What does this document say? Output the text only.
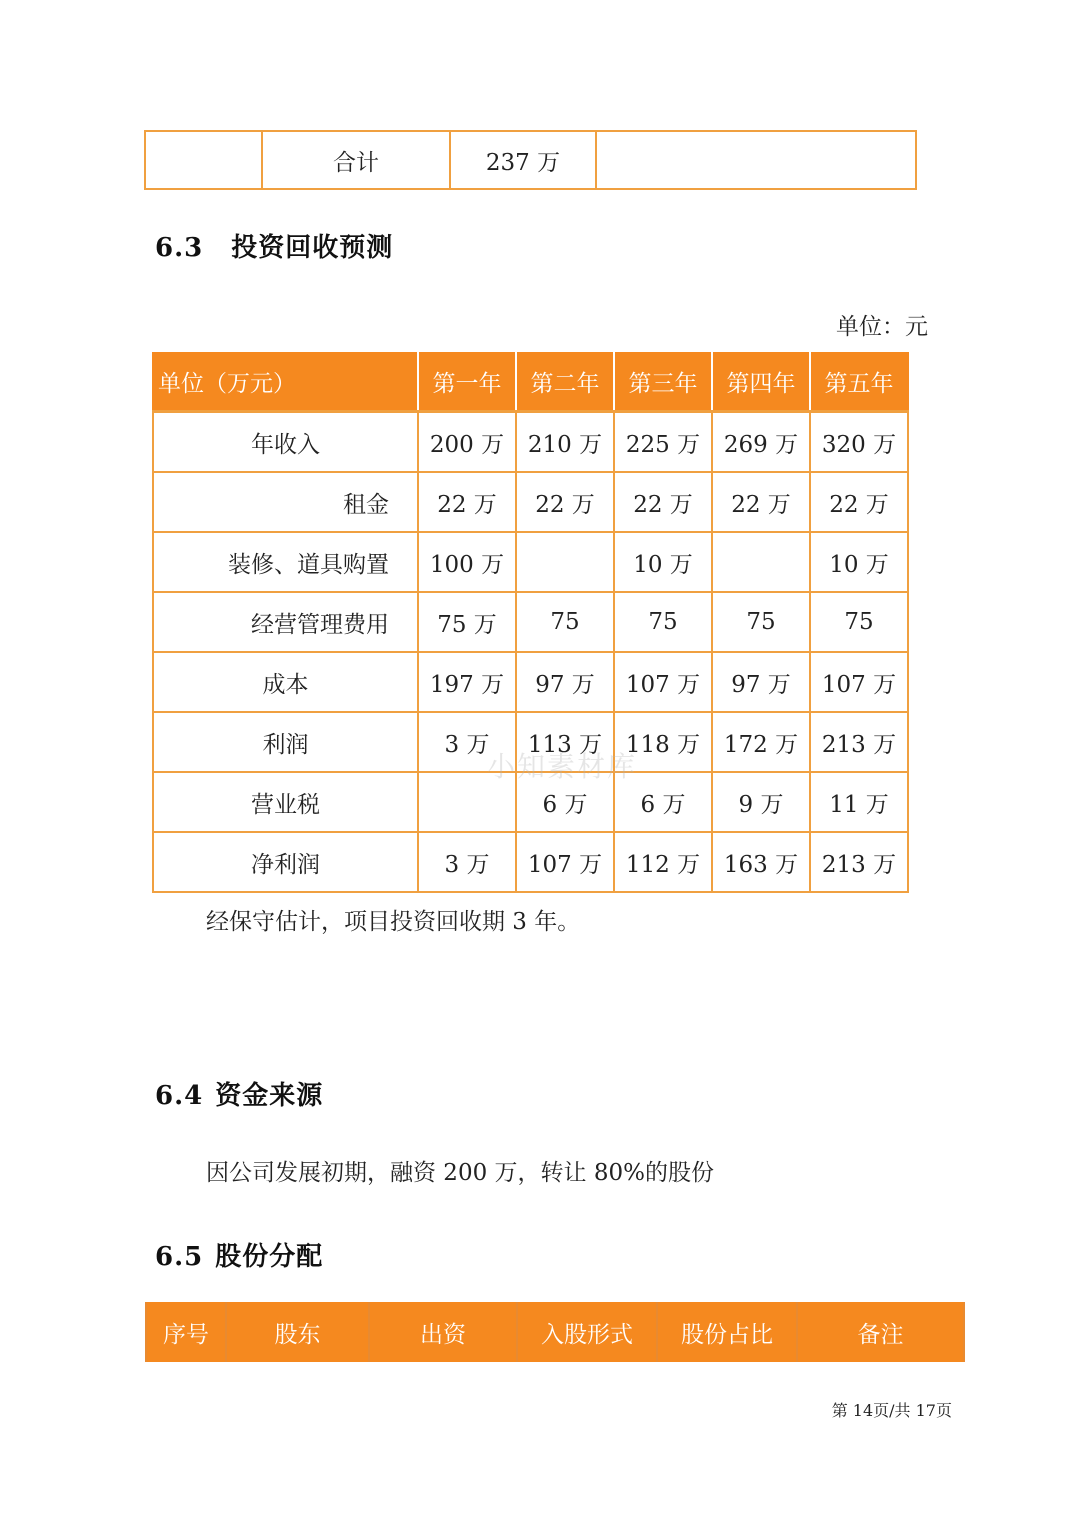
	合计	237 万	
6.3 投资回收预测
单位：元
单位（万元）	第一年	第二年	第三年	第四年	第五年
年收入	200 万	210 万	225 万	269 万	320 万
租金	22 万	22 万	22 万	22 万	22 万
装修、道具购置	100 万		10 万		10 万
经营管理费用	75 万	75	75	75	75
成本	197 万	97 万	107 万	97 万	107 万
利润	3 万	113 万	118 万	172 万	213 万
营业税		6 万	6 万	9 万	11 万
净利润	3 万	107 万	112 万	163 万	213 万
小知素材库
经保守估计，项目投资回收期 3 年。
6.4 资金来源
因公司发展初期，融资 200 万，转让 80%的股份
6.5 股份分配
序号	股东	出资	入股形式	股份占比	备注
第 14页/共 17页
